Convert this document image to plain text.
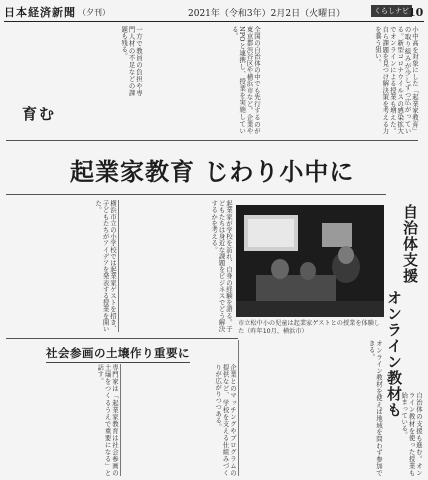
日本経済新聞 （夕刊）	2021年（令和3年）2月2日（火曜日）	くらしナビ 10
小中高を対象にした「起業家教育」の取り組みが少しずつ広がっている。新型コロナウイルスの感染拡大でオンラインによる授業も増えた。自ら課題を見つけ解決策を考える力を養う狙い。
全国の自治体の中でも先行するのが東京都渋谷区や横浜市など。企業やNPOと連携し、授業を実施している。
一方で教員の負担や専門人材の不足などの課題も残る。
育む
起業家教育 じわり小中に
自治体支援
オンライン教材も
横浜市立の小学校では起業家ゲストを招き、子どもたちがアイデアを発表する授業を開いた。	起業家が学校を訪れ、自身の経験を語る。子どもたちは身近な課題をビジネスでどう解決するかを考える。
市立松中小の児童は起業家ゲストとの授業を体験した（昨年10月、横浜市）
自治体の支援も進む。オンライン教材を使った授業も始まっている。
社会参画の土壌作り重要に
専門家は「起業家教育は社会参画の土壌をつくるうえで重要になる」と話す。	企業とのマッチングやプログラムの提供など、学校を支える仕組みづくりが広がりつつある。	オンライン教材を使えば地域を問わず参加できる。
